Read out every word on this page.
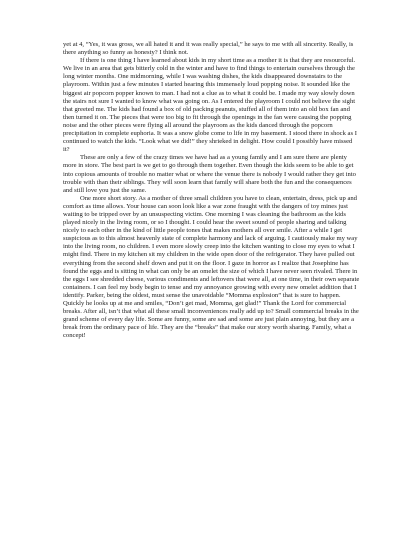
yet at 4, “Yes, it was gross, we all hated it and it was really special,” he says to me with all sincerity. Really, is there anything so funny as honesty? I think not.

If there is one thing I have learned about kids in my short time as a mother it is that they are resourceful. We live in an area that gets bitterly cold in the winter and have to find things to entertain ourselves through the long winter months. One midmorning, while I was washing dishes, the kids disappeared downstairs to the playroom. Within just a few minutes I started hearing this immensely loud popping noise. It sounded like the biggest air popcorn popper known to man. I had not a clue as to what it could be. I made my way slowly down the stairs not sure I wanted to know what was going on. As I entered the playroom I could not believe the sight that greeted me. The kids had found a box of old packing peanuts, stuffed all of them into an old box fan and then turned it on. The pieces that were too big to fit through the openings in the fan were causing the popping noise and the other pieces were flying all around the playroom as the kids danced through the popcorn precipitation in complete euphoria. It was a snow globe come to life in my basement. I stood there in shock as I continued to watch the kids. “Look what we did!” they shrieked in delight. How could I possibly have missed it?

These are only a few of the crazy times we have had as a young family and I am sure there are plenty more in store. The best part is we get to go through them together. Even though the kids seem to be able to get into copious amounts of trouble no matter what or where the venue there is nobody I would rather they get into trouble with than their siblings. They will soon learn that family will share both the fun and the consequences and still love you just the same.

One more short story. As a mother of three small children you have to clean, entertain, dress, pick up and comfort as time allows. Your house can soon look like a war zone fraught with the dangers of toy mines just waiting to be tripped over by an unsuspecting victim. One morning I was cleaning the bathroom as the kids played nicely in the living room, or so I thought. I could hear the sweet sound of people sharing and talking nicely to each other in the kind of little people tones that makes mothers all over smile. After a while I get suspicious as to this almost heavenly state of complete harmony and lack of arguing. I cautiously make my way into the living room, no children. I even more slowly creep into the kitchen wanting to close my eyes to what I might find. There in my kitchen sit my children in the wide open door of the refrigerator. They have pulled out everything from the second shelf down and put it on the floor. I gaze in horror as I realize that Josephine has found the eggs and is sitting in what can only be an omelet the size of which I have never seen rivaled. There in the eggs I see shredded cheese, various condiments and leftovers that were all, at one time, in their own separate containers. I can feel my body begin to tense and my annoyance growing with every new omelet addition that I identify. Parker, being the oldest, must sense the unavoidable “Momma explosion” that is sure to happen. Quickly he looks up at me and smiles, “Don’t get mad, Momma, get glad!” Thank the Lord for commercial breaks. After all, isn’t that what all these small inconveniences really add up to? Small commercial breaks in the grand scheme of every day life. Some are funny, some are sad and some are just plain annoying, but they are a break from the ordinary pace of life. They are the “breaks” that make our story worth sharing. Family, what a concept!
